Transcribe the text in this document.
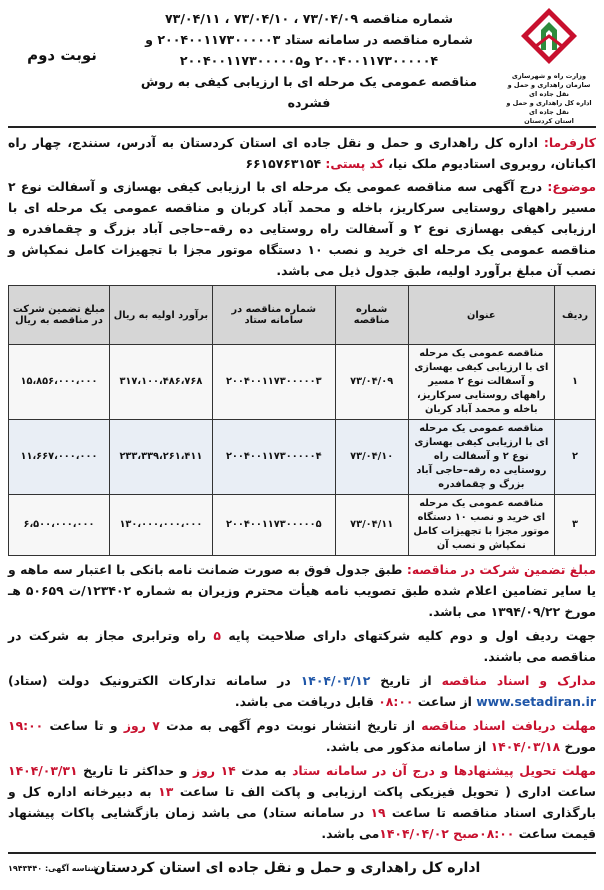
وزارت راه و شهرسازی
سازمان راهداری و حمل و نقل جاده ای
اداره کل راهداری و حمل و نقل جاده ای
استان کردستان
شماره مناقصه ۷۳/۰۴/۰۹ ، ۷۳/۰۴/۱۰ ، ۷۳/۰۴/۱۱
شماره مناقصه در سامانه ستاد ۲۰۰۴۰۰۱۱۷۳۰۰۰۰۰۳ و
۲۰۰۴۰۰۱۱۷۳۰۰۰۰۰۴ و۲۰۰۴۰۰۱۱۷۳۰۰۰۰۰۵
مناقصه عمومی یک مرحله ای با ارزیابی کیفی به روش فشرده
نوبت دوم

کارفرما: اداره کل راهداری و حمل و نقل جاده ای استان کردستان به آدرس، سنندج، چهار راه اکباتان، روبروی استادیوم ملک نیا، کد پستی: ۶۶۱۵۷۶۳۱۵۴

موضوع: درج آگهی سه مناقصه عمومی یک مرحله ای با ارزیابی کیفی بهسازی و آسفالت نوع ۲ مسیر راههای روستایی سرکاریز، باخله و محمد آباد کربان و مناقصه عمومی یک مرحله ای با ارزیابی کیفی بهسازی نوع ۲ و آسفالت راه روستایی ده رقه–حاجی آباد بزرگ و چقمافدره و مناقصه عمومی یک مرحله ای خرید و نصب ۱۰ دستگاه موتور مجزا با تجهیزات کامل نمکپاش و نصب آن مبلغ برآورد اولیه، طبق جدول ذیل می باشد.

ردیف	عنوان	شماره مناقصه	شماره مناقصه در سامانه ستاد	برآورد اولیه به ریال	مبلغ تضمین شرکت در مناقصه به ریال
۱	مناقصه عمومی یک مرحله ای با ارزیابی کیفی بهسازی و آسفالت نوع ۲ مسیر راههای روستایی سرکاریز، باخله و محمد آباد کربان	۷۳/۰۴/۰۹	۲۰۰۴۰۰۱۱۷۳۰۰۰۰۰۳	۳۱۷،۱۰۰،۴۸۶،۷۶۸	۱۵،۸۵۶،۰۰۰،۰۰۰
۲	مناقصه عمومی یک مرحله ای با ارزیابی کیفی بهسازی نوع ۲ و آسفالت راه روستایی ده رقه–حاجی آباد بزرگ و چقمافدره	۷۳/۰۴/۱۰	۲۰۰۴۰۰۱۱۷۳۰۰۰۰۰۴	۲۳۳،۳۳۹،۲۶۱،۴۱۱	۱۱،۶۶۷،۰۰۰،۰۰۰
۳	مناقصه عمومی یک مرحله ای خرید و نصب ۱۰ دستگاه موتور مجزا با تجهیزات کامل نمکپاش و نصب آن	۷۳/۰۴/۱۱	۲۰۰۴۰۰۱۱۷۳۰۰۰۰۰۵	۱۳۰،۰۰۰،۰۰۰،۰۰۰	۶،۵۰۰،۰۰۰،۰۰۰

مبلغ تضمین شرکت در مناقصه: طبق جدول فوق به صورت ضمانت نامه بانکی با اعتبار سه ماهه و یا سایر تضامین اعلام شده طبق تصویب نامه هیأت محترم وزیران به شماره ۱۲۳۴۰۲/ت ۵۰۶۵۹ هـ مورخ ۱۳۹۴/۰۹/۲۲ می باشد.

جهت ردیف اول و دوم کلیه شرکتهای دارای صلاحیت پایه ۵ راه وترابری مجاز به شرکت در مناقصه می باشند.

مدارک و اسناد مناقصه از تاریخ ۱۴۰۴/۰۳/۱۲ در سامانه تدارکات الکترونیک دولت (ستاد) www.setadiran.ir از ساعت ۰۸:۰۰ قابل دریافت می باشد.

مهلت دریافت اسناد مناقصه از تاریخ انتشار نوبت دوم آگهی به مدت ۷ روز و تا ساعت ۱۹:۰۰ مورخ ۱۴۰۴/۰۳/۱۸ از سامانه مذکور می باشد.

مهلت تحویل پیشنهادها و درج آن در سامانه ستاد به مدت ۱۴ روز و حداکثر تا تاریخ ۱۴۰۴/۰۳/۳۱ ساعت اداری ( تحویل فیزیکی پاکت ارزیابی و پاکت الف تا ساعت ۱۳ به دبیرخانه اداره کل و بارگذاری اسناد مناقصه تا ساعت ۱۹ در سامانه ستاد) می باشد زمان بازگشایی پاکات پیشنهاد قیمت ساعت ۰۸:۰۰صبح ۱۴۰۴/۰۴/۰۲می باشد.

اداره کل راهداری و حمل و نقل جاده ای استان کردستان
شناسه آگهی: ۱۹۴۳۴۴۰
